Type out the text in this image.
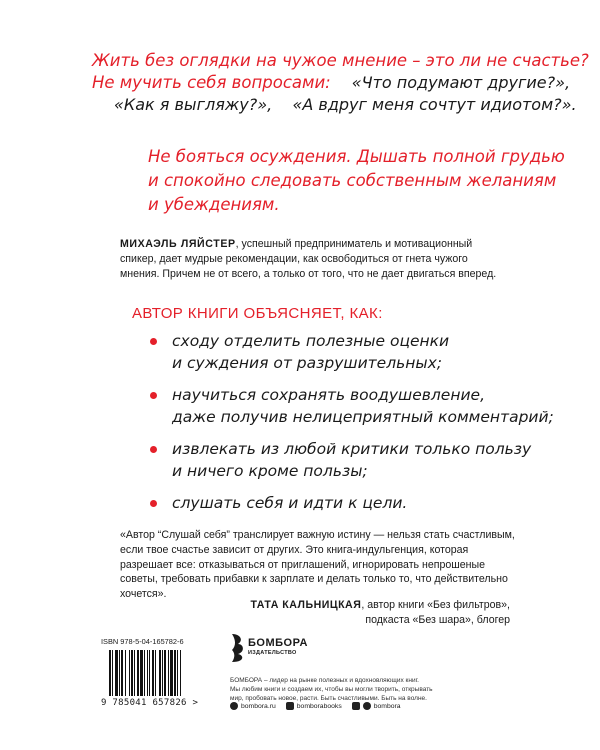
Жить без оглядки на чужое мнение – это ли не счастье?
Не мучить себя вопросами: «Что подумают другие?»,
«Как я выгляжу?», «А вдруг меня сочтут идиотом?».
Не бояться осуждения. Дышать полной грудью
и спокойно следовать собственным желаниям
и убеждениям.
МИХАЭЛЬ ЛЯЙСТЕР, успешный предприниматель и мотивационный
спикер, дает мудрые рекомендации, как освободиться от гнета чужого
мнения. Причем не от всего, а только от того, что не дает двигаться вперед.
АВТОР КНИГИ ОБЪЯСНЯЕТ, КАК:
сходу отделить полезные оценки
и суждения от разрушительных;
научиться сохранять воодушевление,
даже получив нелицеприятный комментарий;
извлекать из любой критики только пользу
и ничего кроме пользы;
слушать себя и идти к цели.
«Автор “Слушай себя” транслирует важную истину — нельзя стать счастливым,
если твое счастье зависит от других. Это книга-индульгенция, которая
разрешает все: отказываться от приглашений, игнорировать непрошеные
советы, требовать прибавки к зарплате и делать только то, что действительно
хочется».
ТАТА КАЛЬНИЦКАЯ, автор книги «Без фильтров»,
подкаста «Без шара», блогер
ISBN 978-5-04-165782-6
9 785041 657826 >
БОМБОРА
ИЗДАТЕЛЬСТВО
БОМБОРА – лидер на рынке полезных и вдохновляющих книг.
Мы любим книги и создаем их, чтобы вы могли творить, открывать
мир, пробовать новое, расти. Быть счастливыми. Быть на волне.
bombora.ru	bomborabooks	bombora
